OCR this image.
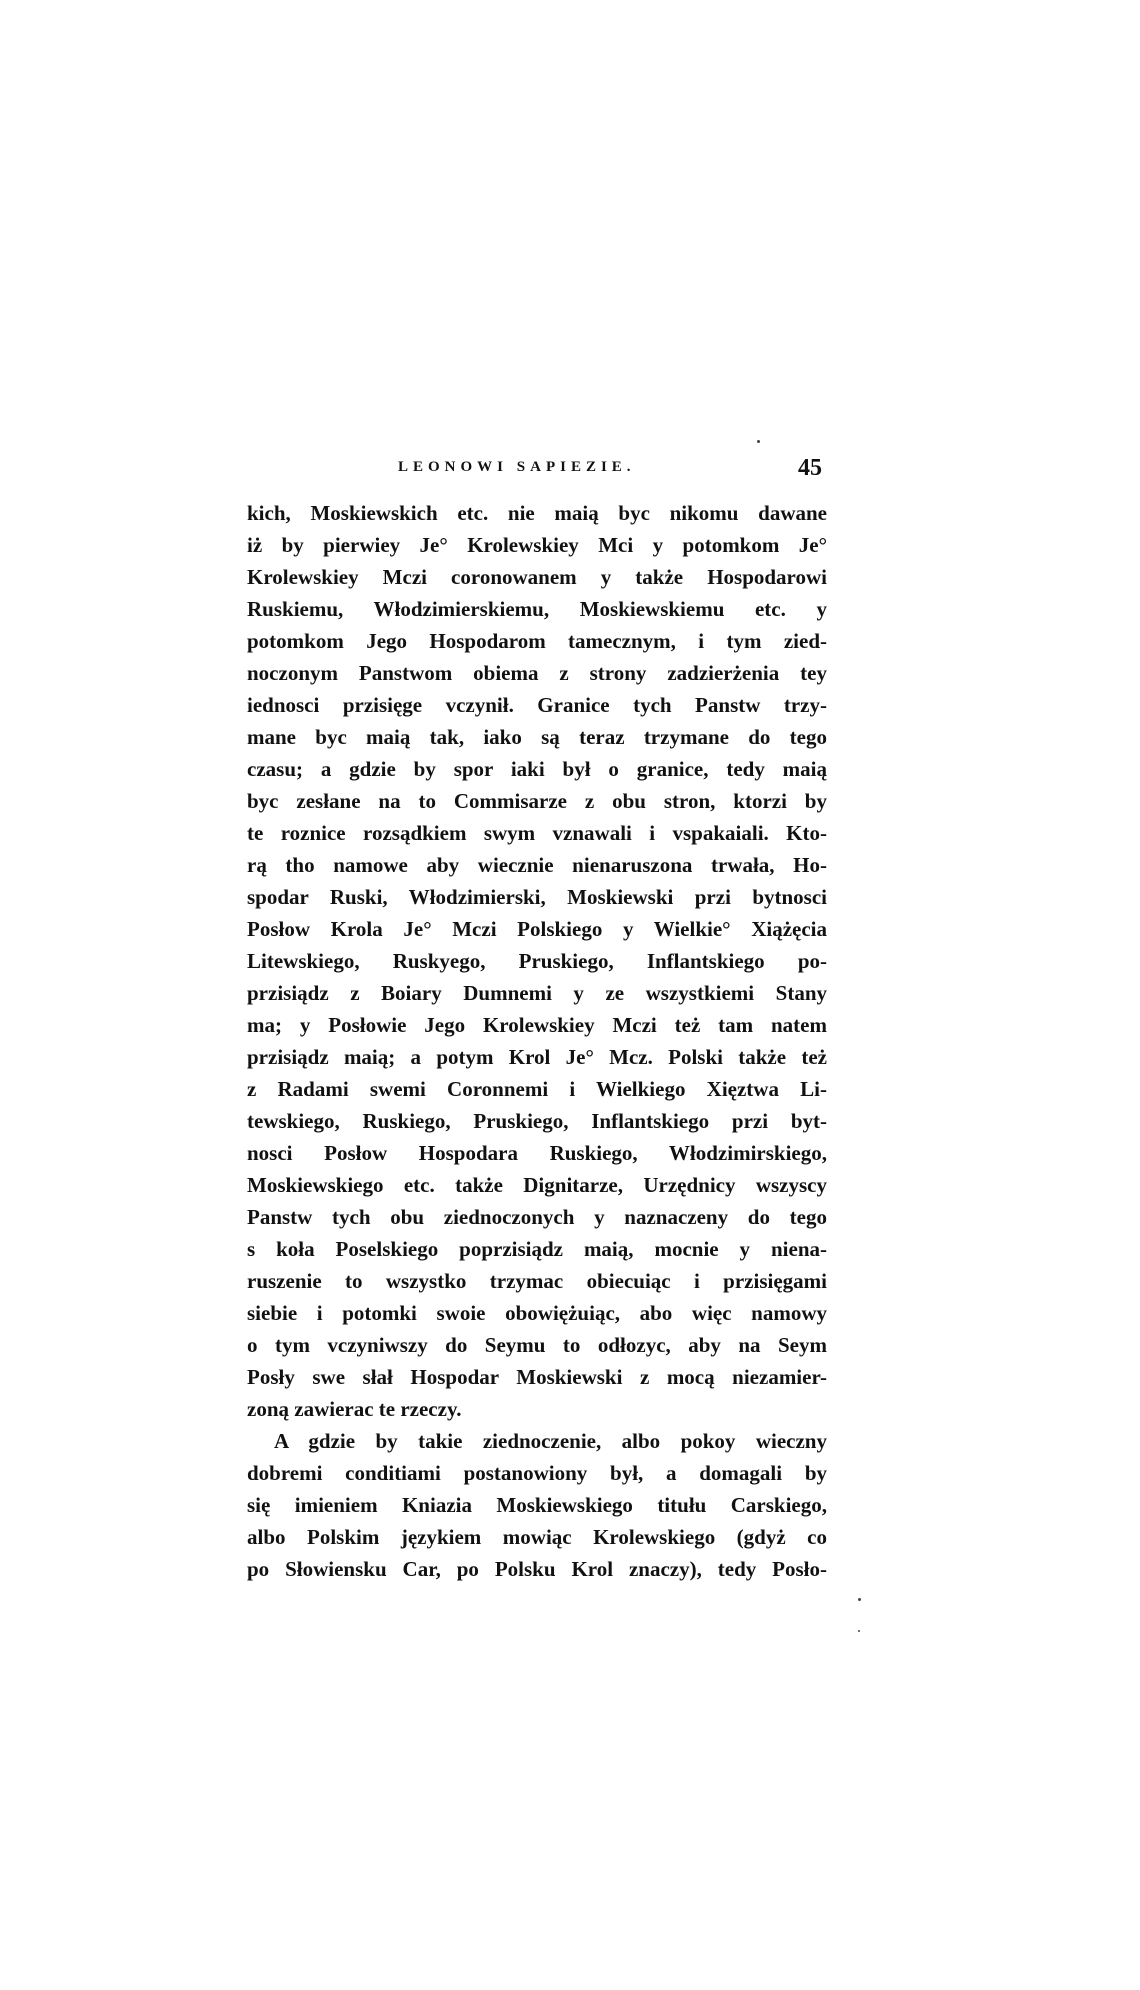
LEONOWI SAPIEZIE.	45
kich, Moskiewskich etc. nie maią byc nikomu dawane
iż by pierwiey Je° Krolewskiey Mci y potomkom Je°
Krolewskiey Mczi coronowanem y także Hospodarowi
Ruskiemu, Włodzimierskiemu, Moskiewskiemu etc. y
potomkom Jego Hospodarom tamecznym, i tym zied-
noczonym Panstwom obiema z strony zadzierżenia tey
iednosci przisięge vczynił. Granice tych Panstw trzy-
mane byc maią tak, iako są teraz trzymane do tego
czasu; a gdzie by spor iaki był o granice, tedy maią
byc zesłane na to Commisarze z obu stron, ktorzi by
te roznice rozsądkiem swym vznawali i vspakaiali. Kto-
rą tho namowe aby wiecznie nienaruszona trwała, Ho-
spodar Ruski, Włodzimierski, Moskiewski przi bytnosci
Posłow Krola Je° Mczi Polskiego y Wielkie° Xiążęcia
Litewskiego, Ruskyego, Pruskiego, Inflantskiego po-
przisiądz z Boiary Dumnemi y ze wszystkiemi Stany
ma; y Posłowie Jego Krolewskiey Mczi też tam natem
przisiądz maią; a potym Krol Je° Mcz. Polski także też
z Radami swemi Coronnemi i Wielkiego Xięztwa Li-
tewskiego, Ruskiego, Pruskiego, Inflantskiego przi byt-
nosci Posłow Hospodara Ruskiego, Włodzimirskiego,
Moskiewskiego etc. także Dignitarze, Urzędnicy wszyscy
Panstw tych obu ziednoczonych y naznaczeny do tego
s koła Poselskiego poprzisiądz maią, mocnie y niena-
ruszenie to wszystko trzymac obiecuiąc i przisięgami
siebie i potomki swoie obowiężuiąc, abo więc namowy
o tym vczyniwszy do Seymu to odłozyc, aby na Seym
Posły swe słał Hospodar Moskiewski z mocą niezamier-
zoną zawierac te rzeczy.
A gdzie by takie ziednoczenie, albo pokoy wieczny
dobremi conditiami postanowiony był, a domagali by
się imieniem Kniazia Moskiewskiego titułu Carskiego,
albo Polskim językiem mowiąc Krolewskiego (gdyż co
po Słowiensku Car, po Polsku Krol znaczy), tedy Posło-
